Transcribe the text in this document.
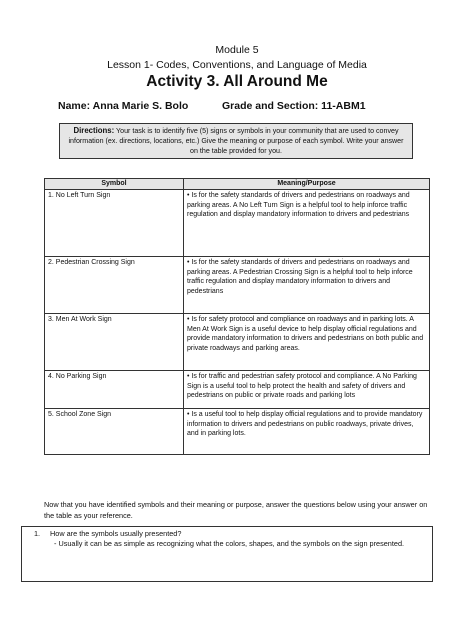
Module 5
Lesson 1- Codes, Conventions, and Language of Media
Activity 3. All Around Me
Name: Anna Marie S. Bolo	Grade and Section: 11-ABM1
Directions: Your task is to identify five (5) signs or symbols in your community that are used to convey information (ex. directions, locations, etc.) Give the meaning or purpose of each symbol. Write your answer on the table provided for you.
Symbol	Meaning/Purpose
1. No Left Turn Sign	• Is for the safety standards of drivers and pedestrians on roadways and parking areas. A No Left Turn Sign is a helpful tool to help inforce traffic regulation and display mandatory information to drivers and pedestrians
2. Pedestrian Crossing Sign	• Is for the safety standards of drivers and pedestrians on roadways and parking areas. A Pedestrian Crossing Sign is a helpful tool to help inforce traffic regulation and display mandatory information to drivers and pedestrians
3. Men At Work Sign	• Is for safety protocol and compliance on roadways and in parking lots. A Men At Work Sign is a useful device to help display official regulations and provide mandatory information to drivers and pedestrians on both public and private roadways and parking areas.
4. No Parking Sign	• Is for traffic and pedestrian safety protocol and compliance. A No Parking Sign is a useful tool to help protect the health and safety of drivers and pedestrians on public or private roads and parking lots
5. School Zone Sign	• Is a useful tool to help display official regulations and to provide mandatory information to drivers and pedestrians on public roadways, private drives, and in parking lots.
Now that you have identified symbols and their meaning or purpose, answer the questions below using your answer on the table as your reference.
1. How are the symbols usually presented?
- Usually it can be as simple as recognizing what the colors, shapes, and the symbols on the sign presented.
